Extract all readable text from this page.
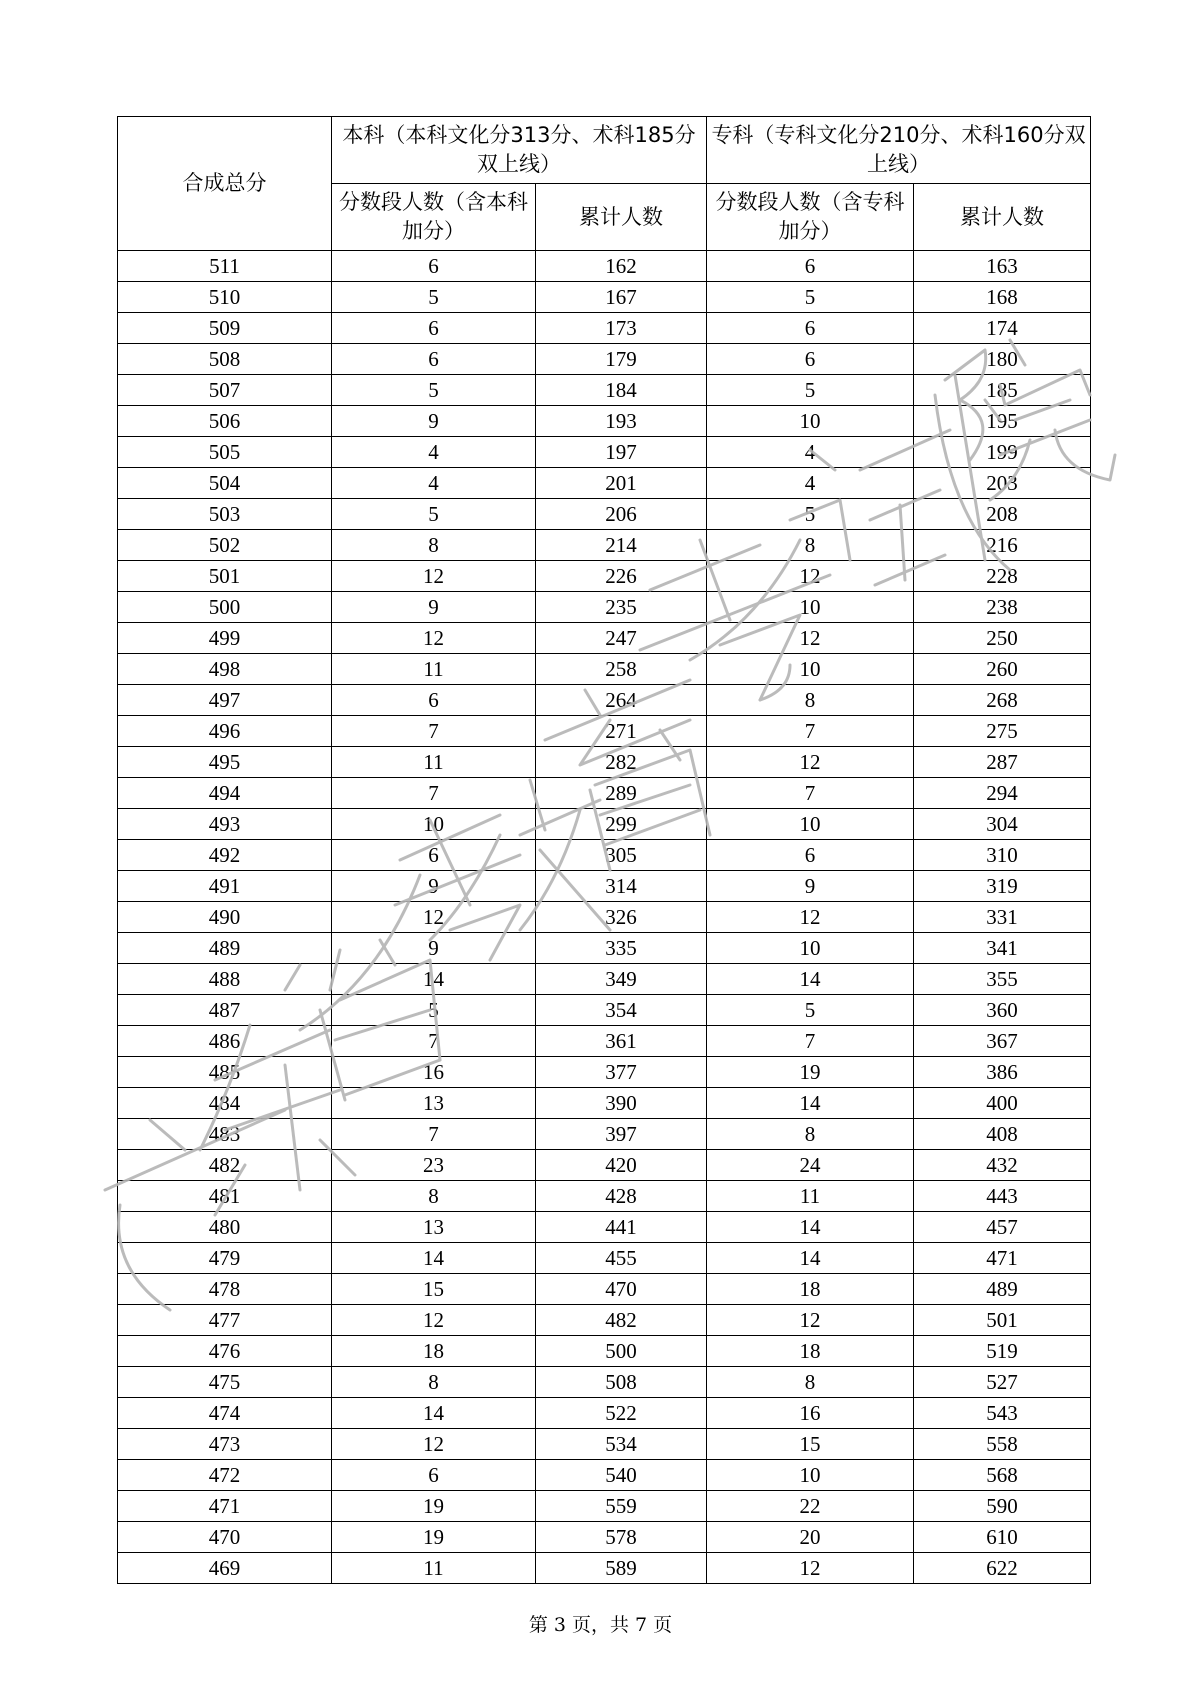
合成总分	本科（本科文化分313分、术科185分双上线）		专科（专科文化分210分、术科160分双上线）	
	分数段人数（含本科加分）	累计人数	分数段人数（含专科加分）	累计人数
511	6	162	6	163
510	5	167	5	168
509	6	173	6	174
508	6	179	6	180
507	5	184	5	185
506	9	193	10	195
505	4	197	4	199
504	4	201	4	203
503	5	206	5	208
502	8	214	8	216
501	12	226	12	228
500	9	235	10	238
499	12	247	12	250
498	11	258	10	260
497	6	264	8	268
496	7	271	7	275
495	11	282	12	287
494	7	289	7	294
493	10	299	10	304
492	6	305	6	310
491	9	314	9	319
490	12	326	12	331
489	9	335	10	341
488	14	349	14	355
487	5	354	5	360
486	7	361	7	367
485	16	377	19	386
484	13	390	14	400
483	7	397	8	408
482	23	420	24	432
481	8	428	11	443
480	13	441	14	457
479	14	455	14	471
478	15	470	18	489
477	12	482	12	501
476	18	500	18	519
475	8	508	8	527
474	14	522	16	543
473	12	534	15	558
472	6	540	10	568
471	19	559	22	590
470	19	578	20	610
469	11	589	12	622
第 3 页，共 7 页
